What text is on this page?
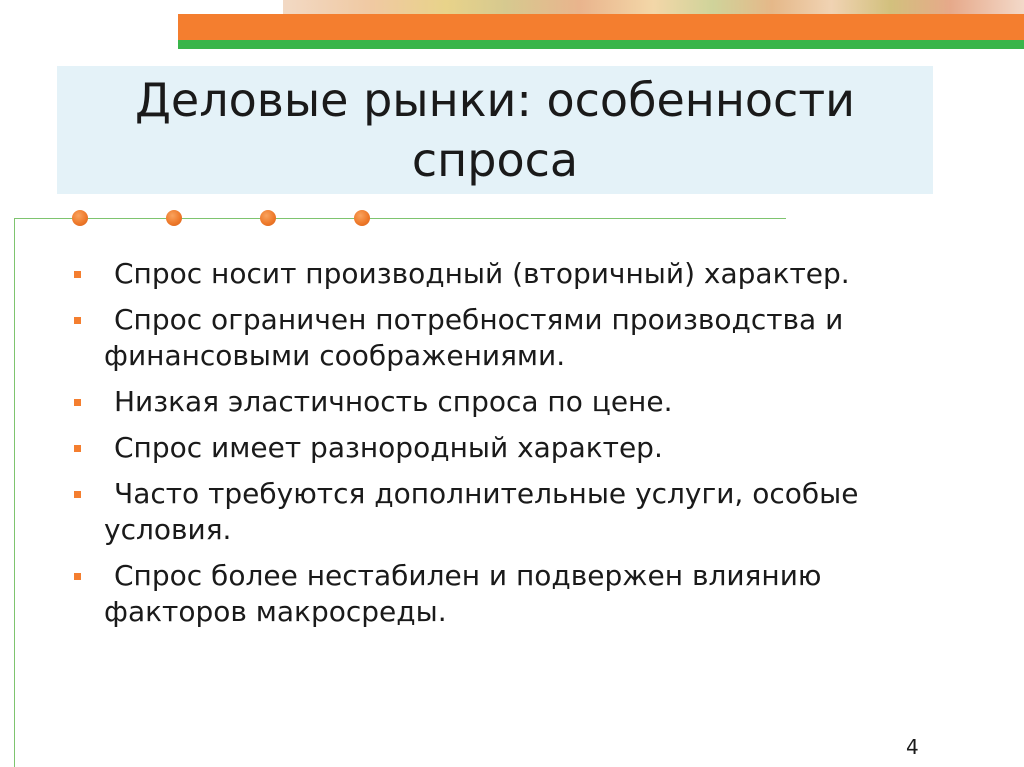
Деловые рынки: особенности спроса
Спрос носит производный (вторичный) характер.
Спрос ограничен потребностями производства и финансовыми соображениями.
Низкая эластичность спроса по цене.
Спрос имеет разнородный характер.
Часто требуются дополнительные услуги, особые условия.
Спрос более нестабилен и подвержен влиянию факторов макросреды.
4
